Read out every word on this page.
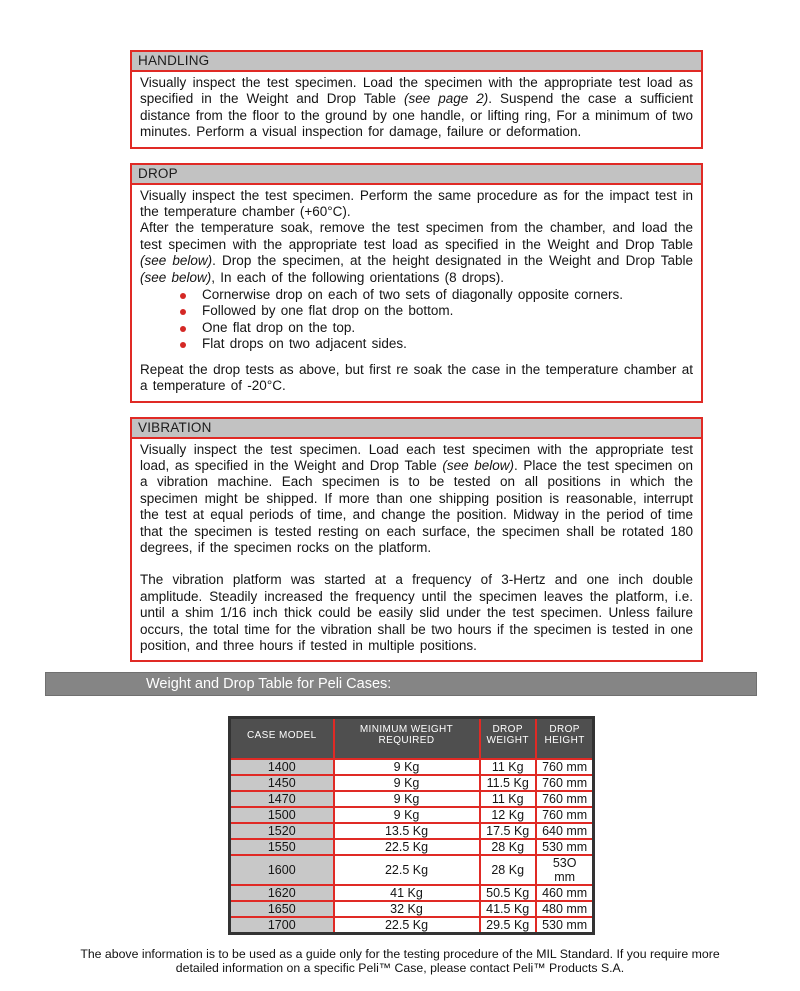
HANDLING

Visually inspect the test specimen. Load the specimen with the appropriate test load as specified in the Weight and Drop Table (see page 2). Suspend the case a sufficient distance from the floor to the ground by one handle, or lifting ring, For a minimum of two minutes. Perform a visual inspection for damage, failure or deformation.

DROP

Visually inspect the test specimen. Perform the same procedure as for the impact test in the temperature chamber (+60°C).

After the temperature soak, remove the test specimen from the chamber, and load the test specimen with the appropriate test load as specified in the Weight and Drop Table (see below). Drop the specimen, at the height designated in the Weight and Drop Table (see below), In each of the following orientations (8 drops).

Cornerwise drop on each of two sets of diagonally opposite corners.
Followed by one flat drop on the bottom.
One flat drop on the top.
Flat drops on two adjacent sides.

Repeat the drop tests as above, but first re soak the case in the temperature chamber at a temperature of -20°C.

VIBRATION

Visually inspect the test specimen. Load each test specimen with the appropriate test load, as specified in the Weight and Drop Table (see below). Place the test specimen on a vibration machine. Each specimen is to be tested on all positions in which the specimen might be shipped. If more than one shipping position is reasonable, interrupt the test at equal periods of time, and change the position. Midway in the period of time that the specimen is tested resting on each surface, the specimen shall be rotated 180 degrees, if the specimen rocks on the platform.

The vibration platform was started at a frequency of 3-Hertz and one inch double amplitude. Steadily increased the frequency until the specimen leaves the platform, i.e. until a shim 1/16 inch thick could be easily slid under the test specimen. Unless failure occurs, the total time for the vibration shall be two hours if the specimen is tested in one position, and three hours if tested in multiple positions.

Weight and Drop Table for Peli Cases:
CASE MODEL	MINIMUM WEIGHT REQUIRED	DROP WEIGHT	DROP HEIGHT
1400	9 Kg	11 Kg	760 mm
1450	9 Kg	11.5 Kg	760 mm
1470	9 Kg	11 Kg	760 mm
1500	9 Kg	12 Kg	760 mm
1520	13.5 Kg	17.5 Kg	640 mm
1550	22.5 Kg	28 Kg	530 mm
1600	22.5 Kg	28 Kg	53O mm
1620	41 Kg	50.5 Kg	460 mm
1650	32 Kg	41.5 Kg	480 mm
1700	22.5 Kg	29.5 Kg	530 mm
The above information is to be used as a guide only for the testing procedure of the MIL Standard. If you require more detailed information on a specific Peli™ Case, please contact Peli™ Products S.A.
